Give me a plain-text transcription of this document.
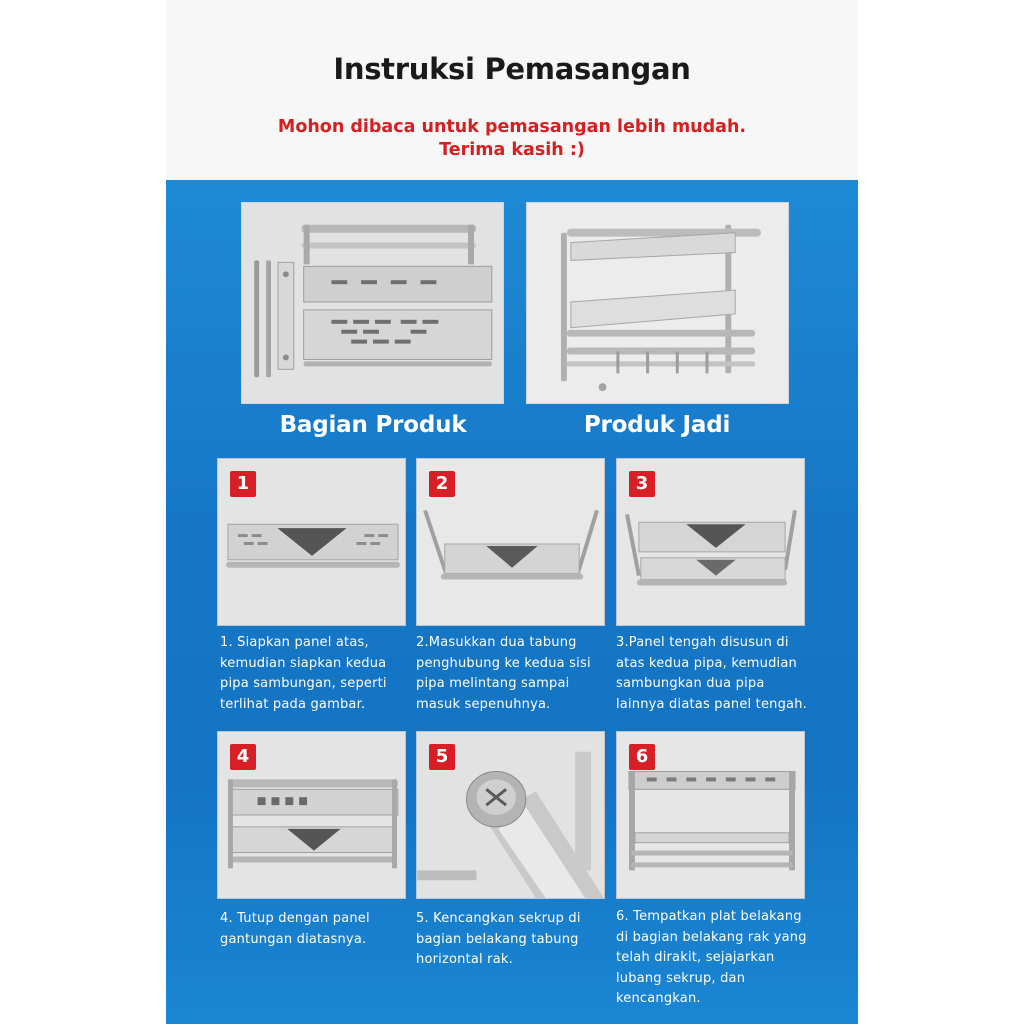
Instruksi Pemasangan
Mohon dibaca untuk pemasangan lebih mudah.
Terima kasih :)
Bagian Produk	Produk Jadi
1
1. Siapkan panel atas,
kemudian siapkan kedua
pipa sambungan, seperti
terlihat pada gambar.
2
2.Masukkan dua tabung
penghubung ke kedua sisi
pipa melintang sampai
masuk sepenuhnya.
3
3.Panel tengah disusun di
atas kedua pipa, kemudian
sambungkan dua pipa
lainnya diatas panel tengah.
4
4. Tutup dengan panel
gantungan diatasnya.
5
5. Kencangkan sekrup di
bagian belakang tabung
horizontal rak.
6
6. Tempatkan plat belakang
di bagian belakang rak yang
telah dirakit, sejajarkan
lubang sekrup, dan
kencangkan.
